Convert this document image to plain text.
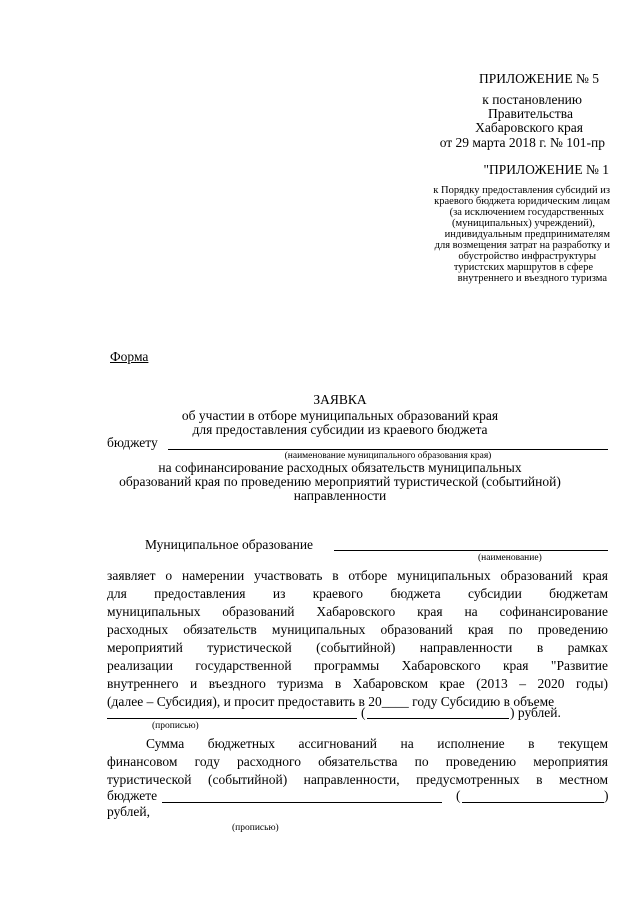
ПРИЛОЖЕНИЕ № 5
к постановлению
Правительства
Хабаровского края
от 29 марта 2018 г. № 101-пр
"ПРИЛОЖЕНИЕ № 1
к Порядку предоставления субсидий из
краевого бюджета юридическим лицам
(за исключением государственных
(муниципальных) учреждений),
индивидуальным предпринимателям
для возмещения затрат на разработку и
обустройство инфраструктуры
туристских маршрутов в сфере
внутреннего и въездного туризма
Форма
ЗАЯВКА
об участии в отборе муниципальных образований края
для предоставления субсидии из краевого бюджета
бюджету
(наименование муниципального образования края)
на софинансирование расходных обязательств муниципальных
образований края по проведению мероприятий туристической (событийной)
направленности
Муниципальное образование
(наименование)
заявляет о намерении участвовать в отборе муниципальных образований края
для предоставления из краевого бюджета субсидии бюджетам
муниципальных образований Хабаровского края на софинансирование
расходных обязательств муниципальных образований края по проведению
мероприятий туристической (событийной) направленности в рамках
реализации государственной программы Хабаровского края "Развитие
внутреннего и въездного туризма в Хабаровском крае (2013 – 2020 годы)
(далее – Субсидия), и просит предоставить в 20____ году Субсидию в объеме
(	) рублей.
(прописью)
Сумма бюджетных ассигнований на исполнение в текущем
финансовом году расходного обязательства по проведению мероприятия
туристической (событийной) направленности, предусмотренных в местном
бюджете	(	)
рублей,
(прописью)
